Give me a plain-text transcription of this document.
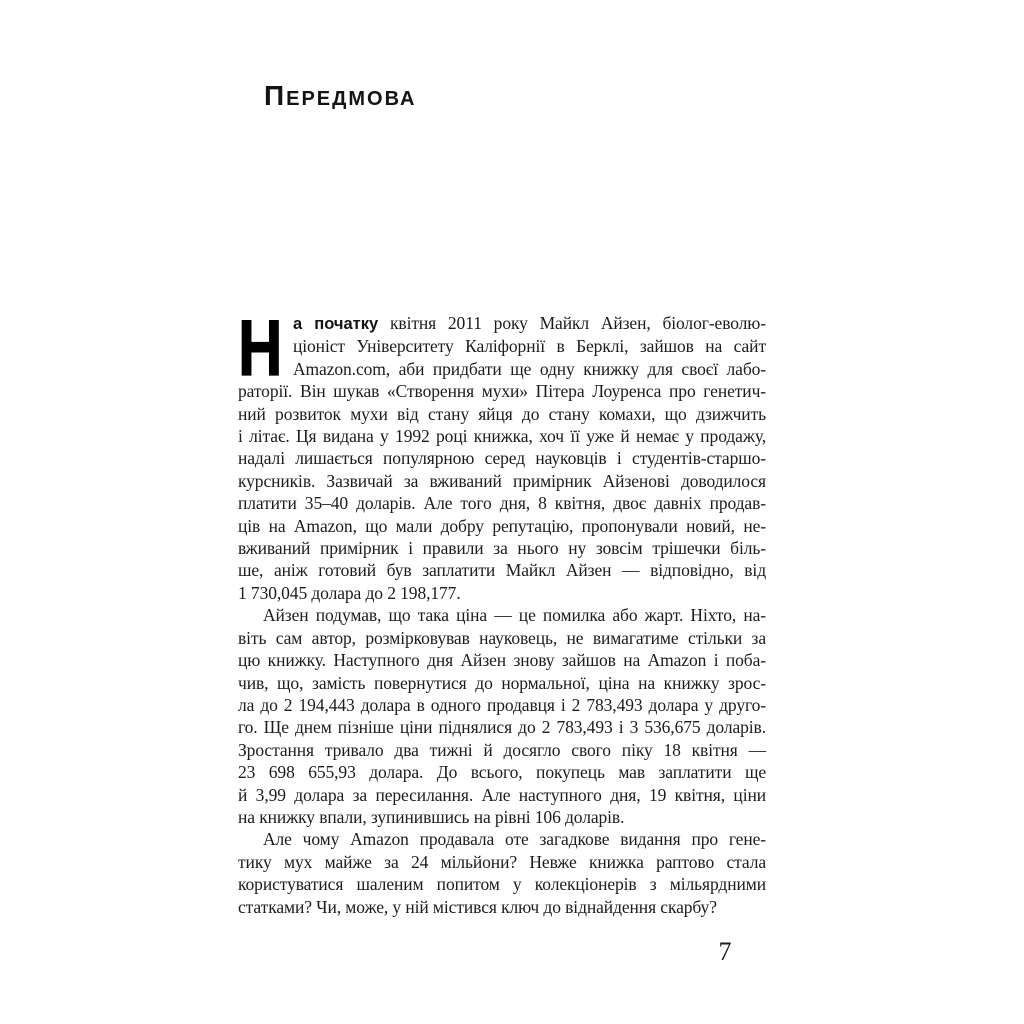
Передмова
Н а початку квітня 2011 року Майкл Айзен, біолог-еволю-
ціоніст Університету Каліфорнії в Берклі, зайшов на сайт
Amazon.com, аби придбати ще одну книжку для своєї лабо-
раторії. Він шукав «Створення мухи» Пітера Лоуренса про генетич-
ний розвиток мухи від стану яйця до стану комахи, що дзижчить
і літає. Ця видана у 1992 році книжка, хоч її уже й немає у продажу,
надалі лишається популярною серед науковців і студентів-старшо-
курсників. Зазвичай за вживаний примірник Айзенові доводилося
платити 35–40 доларів. Але того дня, 8 квітня, двоє давніх продав-
ців на Amazon, що мали добру репутацію, пропонували новий, не-
вживаний примірник і правили за нього ну зовсім трішечки біль-
ше, аніж готовий був заплатити Майкл Айзен — відповідно, від
1 730,045 долара до 2 198,177.
Айзен подумав, що така ціна — це помилка або жарт. Ніхто, на-
віть сам автор, розмірковував науковець, не вимагатиме стільки за
цю книжку. Наступного дня Айзен знову зайшов на Amazon і поба-
чив, що, замість повернутися до нормальної, ціна на книжку зрос-
ла до 2 194,443 долара в одного продавця і 2 783,493 долара у друго-
го. Ще днем пізніше ціни піднялися до 2 783,493 і 3 536,675 доларів.
Зростання тривало два тижні й досягло свого піку 18 квітня —
23 698 655,93 долара. До всього, покупець мав заплатити ще
й 3,99 долара за пересилання. Але наступного дня, 19 квітня, ціни
на книжку впали, зупинившись на рівні 106 доларів.
Але чому Amazon продавала оте загадкове видання про гене-
тику мух майже за 24 мільйони? Невже книжка раптово стала
користуватися шаленим попитом у колекціонерів з мільярдними
статками? Чи, може, у ній містився ключ до віднайдення скарбу?
7
